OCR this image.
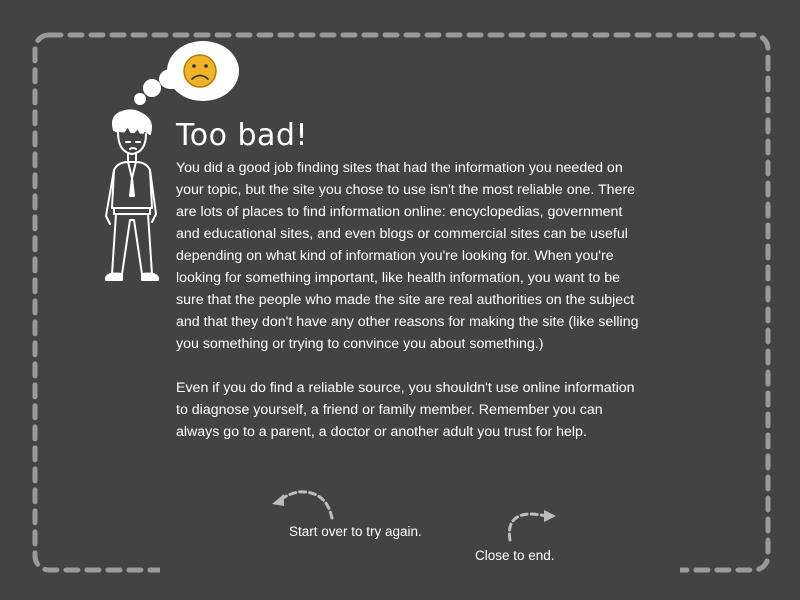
Too bad!

You did a good job finding sites that had the information you needed on your topic, but the site you chose to use isn't the most reliable one. There are lots of places to find information online: encyclopedias, government and educational sites, and even blogs or commercial sites can be useful depending on what kind of information you're looking for. When you're looking for something important, like health information, you want to be sure that the people who made the site are real authorities on the subject and that they don't have any other reasons for making the site (like selling you something or trying to convince you about something.)

Even if you do find a reliable source, you shouldn't use online information to diagnose yourself, a friend or family member. Remember you can always go to a parent, a doctor or another adult you trust for help.

Start over to try again.
Close to end.
